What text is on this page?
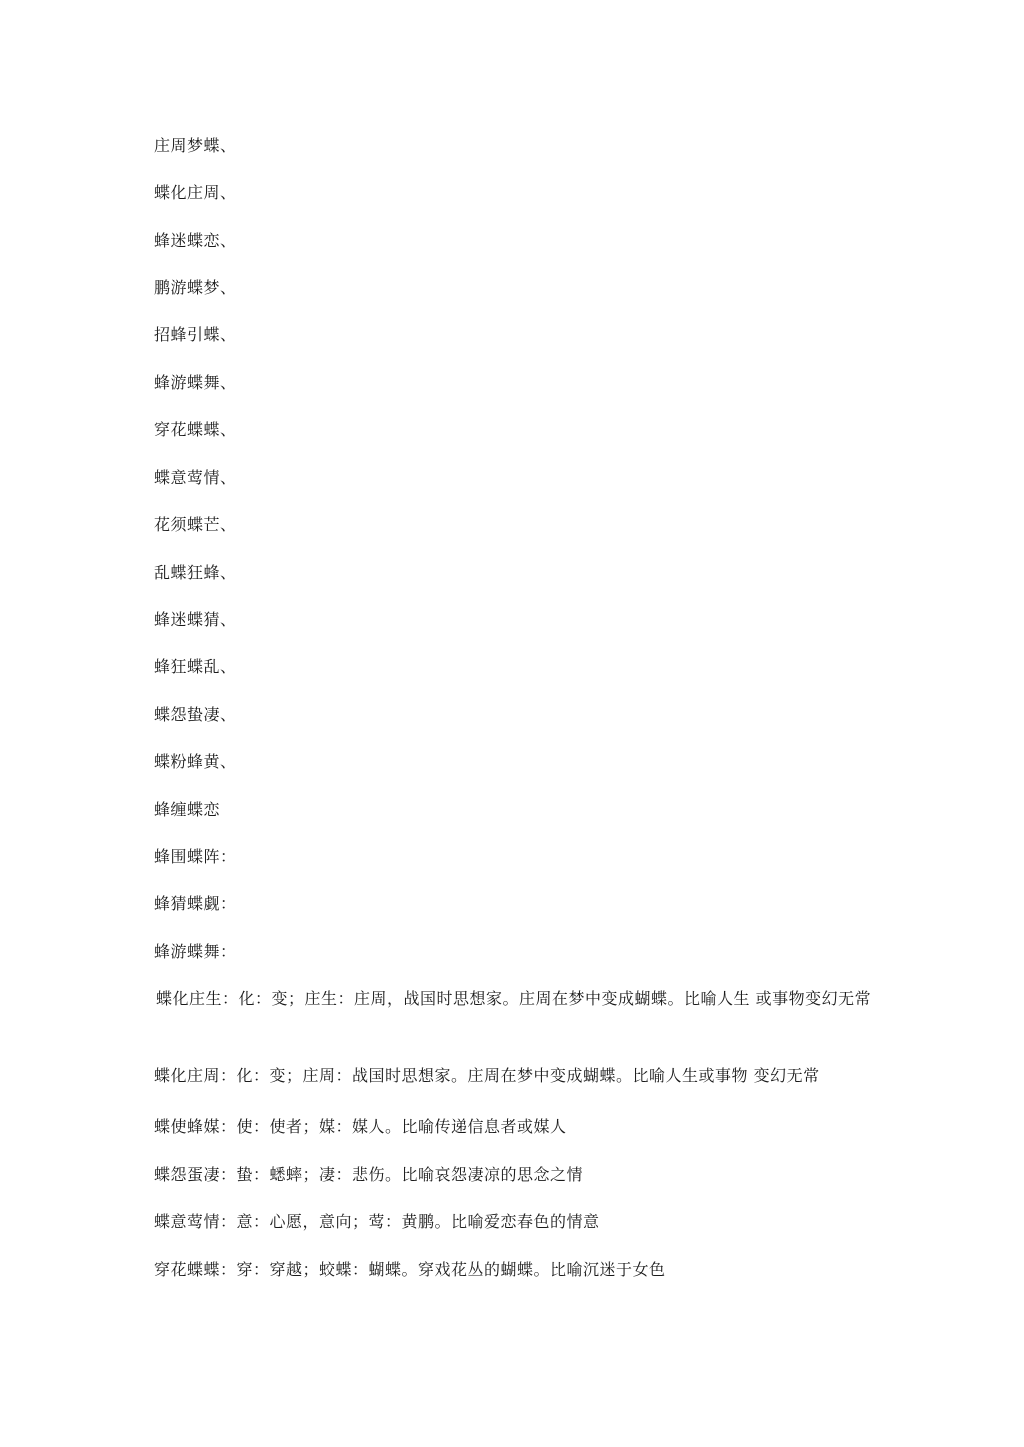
庄周梦蝶、
蝶化庄周、
蜂迷蝶恋、
鹏游蝶梦、
招蜂引蝶、
蜂游蝶舞、
穿花蝶蝶、
蝶意莺情、
花须蝶芒、
乱蝶狂蜂、
蜂迷蝶猜、
蜂狂蝶乱、
蝶怨蛰凄、
蝶粉蜂黄、
蜂缠蝶恋
蜂围蝶阵：
蜂猜蝶觑：
蜂游蝶舞：
蝶化庄生：化：变；庄生：庄周，战国时思想家。庄周在梦中变成蝴蝶。比喻人生 或事物变幻无常
蝶化庄周：化：变；庄周：战国时思想家。庄周在梦中变成蝴蝶。比喻人生或事物 变幻无常
蝶使蜂媒：使：使者；媒：媒人。比喻传递信息者或媒人
蝶怨蛋凄：蛰：蟋蟀；凄：悲伤。比喻哀怨凄凉的思念之情
蝶意莺情：意：心愿，意向；莺：黄鹏。比喻爱恋春色的情意
穿花蝶蝶：穿：穿越；蛟蝶：蝴蝶。穿戏花丛的蝴蝶。比喻沉迷于女色
